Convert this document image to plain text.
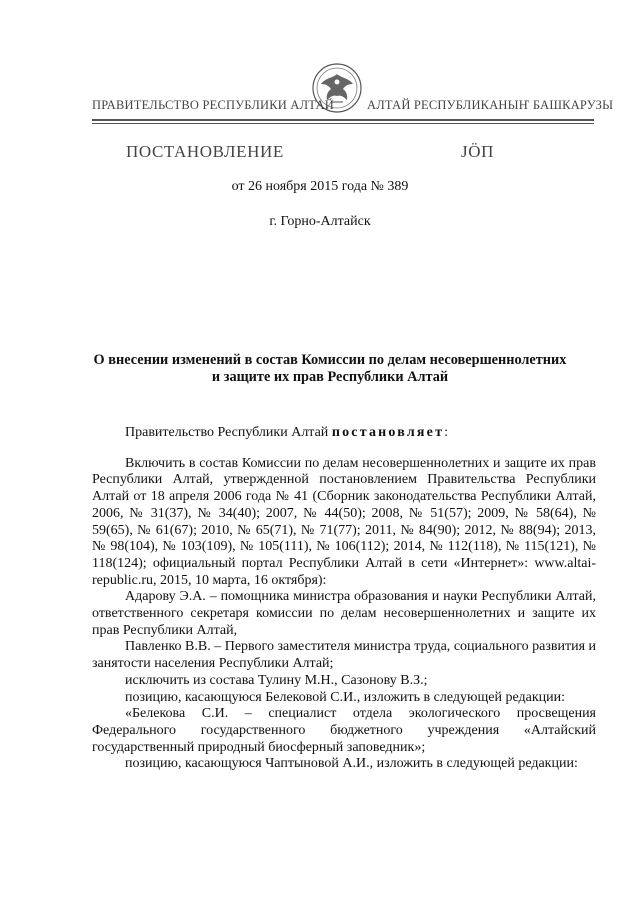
ПРАВИТЕЛЬСТВО РЕСПУБЛИКИ АЛТАЙ	АЛТАЙ РЕСПУБЛИКАНЫҤ БАШКАРУЗЫ
ПОСТАНОВЛЕНИЕ	ЈӦП
от 26 ноября 2015 года № 389
г. Горно-Алтайск
О внесении изменений в состав Комиссии по делам несовершеннолетних
и защите их прав Республики Алтай

Правительство Республики Алтай постановляет:

Включить в состав Комиссии по делам несовершеннолетних и защите их прав Республики Алтай, утвержденной постановлением Правительства Республики Алтай от 18 апреля 2006 года № 41 (Сборник законодательства Республики Алтай, 2006, № 31(37), № 34(40); 2007, № 44(50); 2008, № 51(57); 2009, № 58(64), № 59(65), № 61(67); 2010, № 65(71), № 71(77); 2011, № 84(90); 2012, № 88(94); 2013, № 98(104), № 103(109), № 105(111), № 106(112); 2014, № 112(118), № 115(121), № 118(124); официальный портал Республики Алтай в сети «Интернет»: www.altai-republic.ru, 2015, 10 марта, 16 октября):

Адарову Э.А. – помощника министра образования и науки Республики Алтай, ответственного секретаря комиссии по делам несовершеннолетних и защите их прав Республики Алтай,

Павленко В.В. – Первого заместителя министра труда, социального развития и занятости населения Республики Алтай;

исключить из состава Тулину М.Н., Сазонову В.З.;

позицию, касающуюся Белековой С.И., изложить в следующей редакции:

«Белекова С.И. – специалист отдела экологического просвещения Федерального государственного бюджетного учреждения «Алтайский государственный природный биосферный заповедник»;

позицию, касающуюся Чаптыновой А.И., изложить в следующей редакции:
